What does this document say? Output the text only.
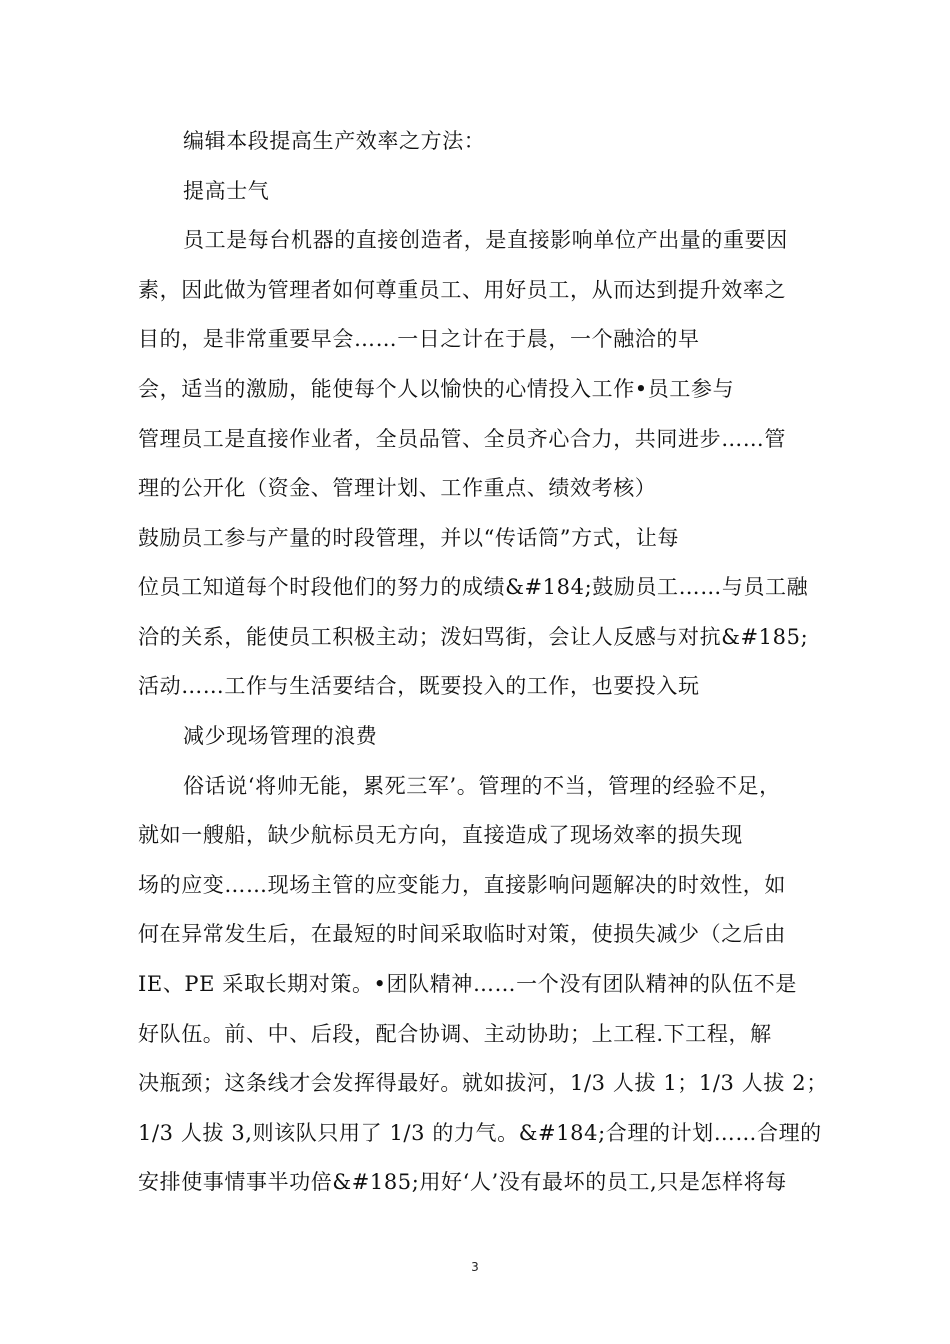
编辑本段提高生产效率之方法：
提高士气
员工是每台机器的直接创造者，是直接影响单位产出量的重要因
素，因此做为管理者如何尊重员工、用好员工，从而达到提升效率之
目的，是非常重要早会……一日之计在于晨，一个融洽的早
会，适当的激励，能使每个人以愉快的心情投入工作•员工参与
管理员工是直接作业者，全员品管、全员齐心合力，共同进步……管
理的公开化（资金、管理计划、工作重点、绩效考核）
鼓励员工参与产量的时段管理，并以“传话筒”方式，让每
位员工知道每个时段他们的努力的成绩&#184;鼓励员工……与员工融
洽的关系，能使员工积极主动；泼妇骂街，会让人反感与对抗&#185;
活动……工作与生活要结合，既要投入的工作，也要投入玩
减少现场管理的浪费
俗话说‘将帅无能，累死三军’。管理的不当，管理的经验不足，
就如一艘船，缺少航标员无方向，直接造成了现场效率的损失现
场的应变……现场主管的应变能力，直接影响问题解决的时效性，如
何在异常发生后，在最短的时间采取临时对策，使损失减少（之后由
IE、PE 采取长期对策。•团队精神……一个没有团队精神的队伍不是
好队伍。前、中、后段，配合协调、主动协助；上工程.下工程，解
决瓶颈；这条线才会发挥得最好。就如拔河，1/3 人拔 1；1/3 人拔 2；
1/3 人拔 3,则该队只用了 1/3 的力气。&#184;合理的计划……合理的
安排使事情事半功倍&#185;用好‘人’没有最坏的员工,只是怎样将每
3
